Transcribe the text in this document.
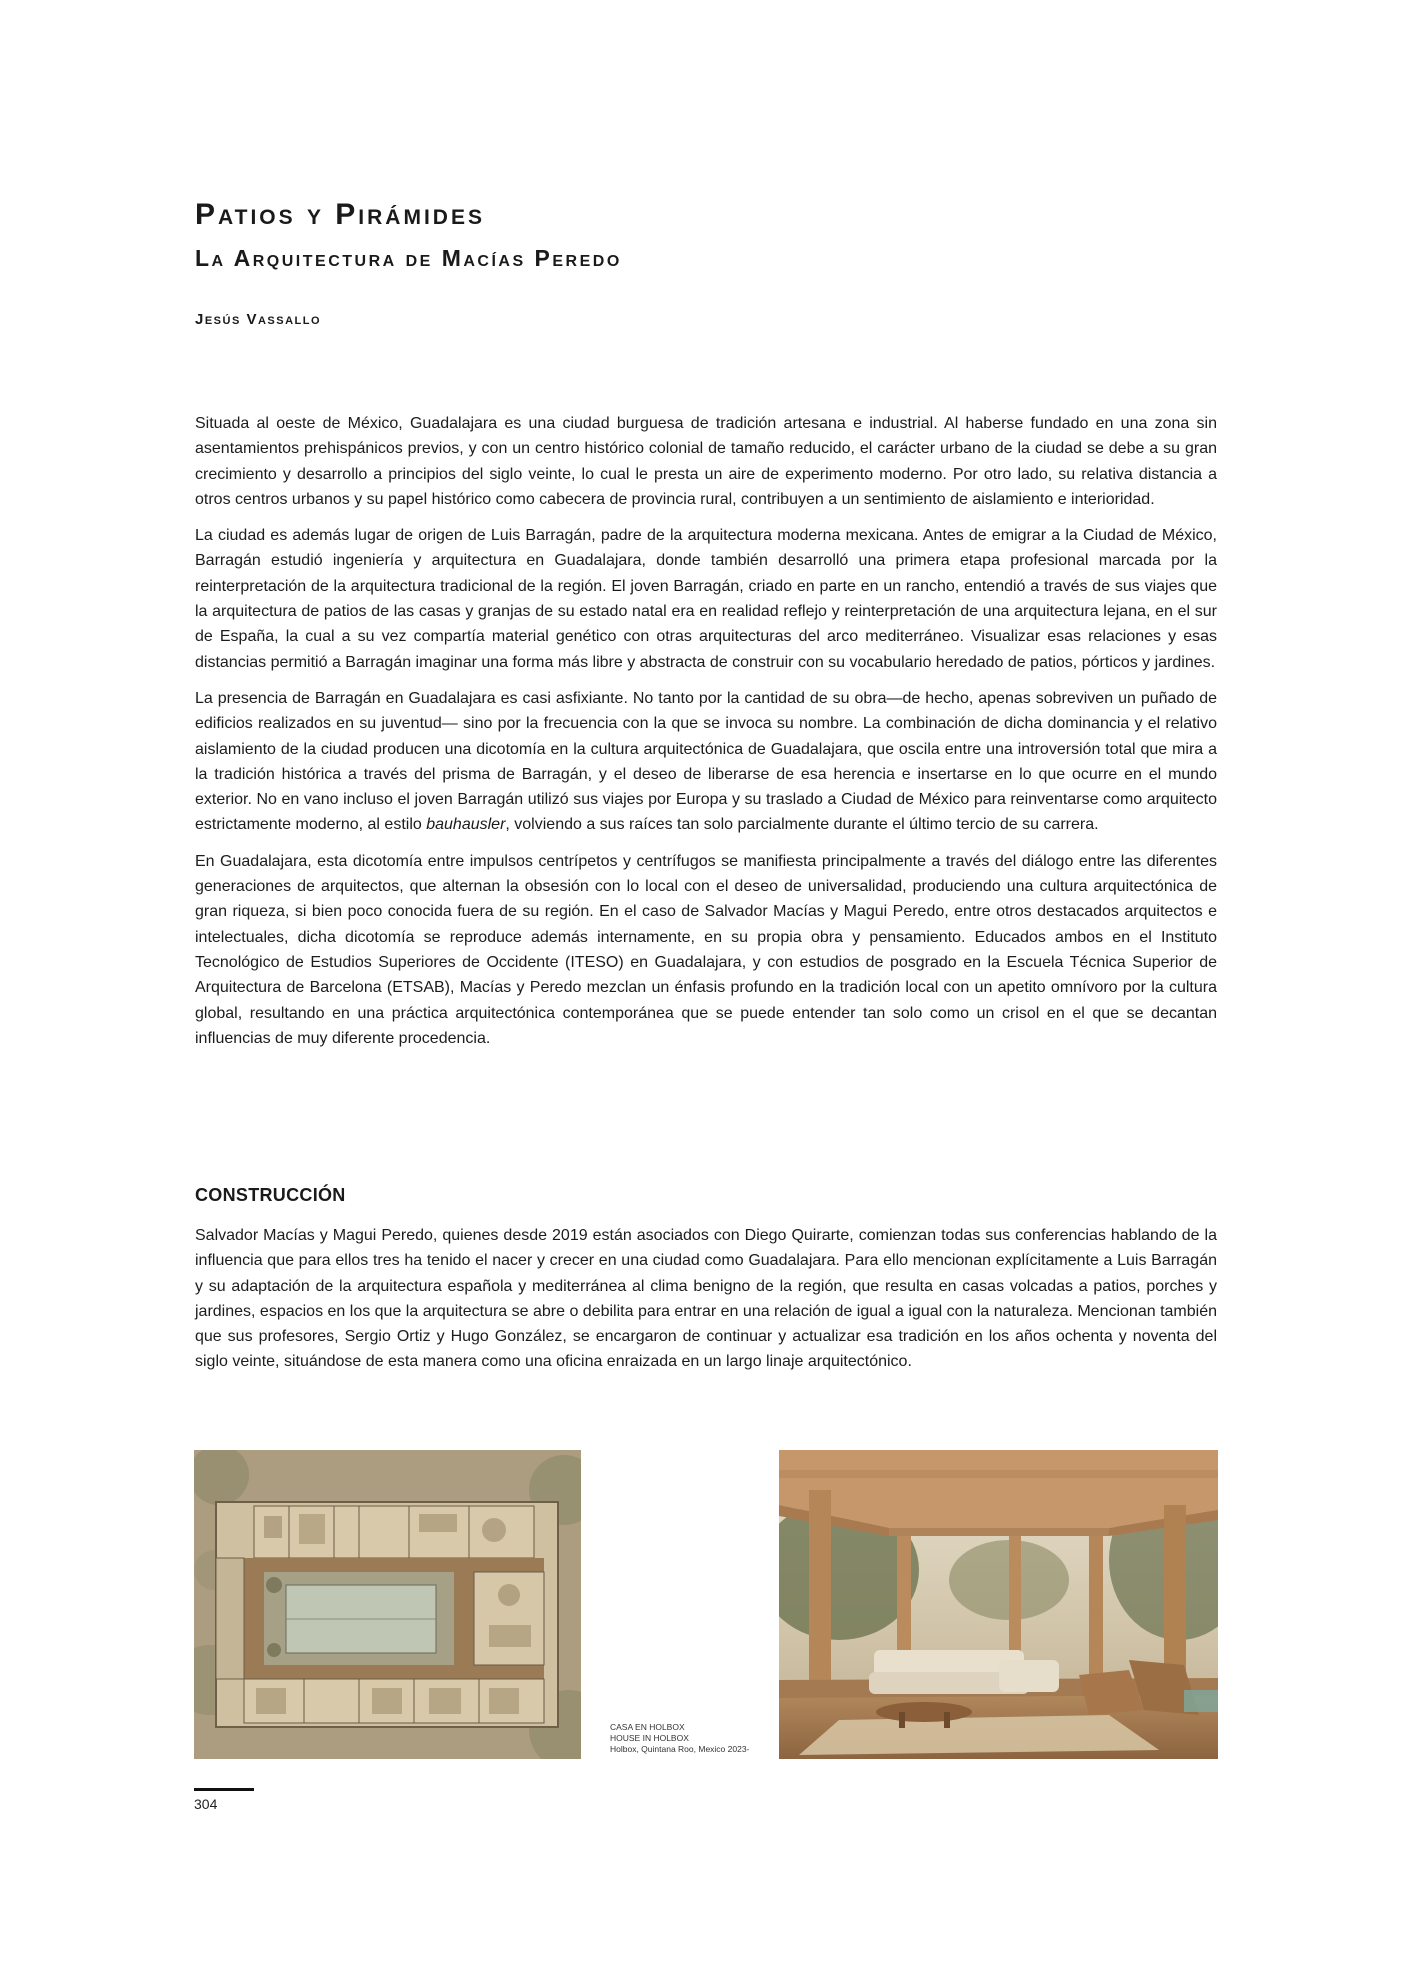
Patios y Pirámides
La Arquitectura de Macías Peredo
Jesús Vassallo

Situada al oeste de México, Guadalajara es una ciudad burguesa de tradición artesana e industrial. Al haberse fundado en una zona sin asentamientos prehispánicos previos, y con un centro histórico colonial de tamaño reducido, el carácter urbano de la ciudad se debe a su gran crecimiento y desarrollo a principios del siglo veinte, lo cual le presta un aire de experimento moderno. Por otro lado, su relativa distancia a otros centros urbanos y su papel histórico como cabecera de provincia rural, contribuyen a un sentimiento de aislamiento e interioridad.

La ciudad es además lugar de origen de Luis Barragán, padre de la arquitectura moderna mexicana. Antes de emigrar a la Ciudad de México, Barragán estudió ingeniería y arquitectura en Guadalajara, donde también desarrolló una primera etapa profesional marcada por la reinterpretación de la arquitectura tradicional de la región. El joven Barragán, criado en parte en un rancho, entendió a través de sus viajes que la arquitectura de patios de las casas y granjas de su estado natal era en realidad reflejo y reinterpretación de una arquitectura lejana, en el sur de España, la cual a su vez compartía material genético con otras arquitecturas del arco mediterráneo. Visualizar esas relaciones y esas distancias permitió a Barragán imaginar una forma más libre y abstracta de construir con su vocabulario heredado de patios, pórticos y jardines.

La presencia de Barragán en Guadalajara es casi asfixiante. No tanto por la cantidad de su obra—de hecho, apenas sobreviven un puñado de edificios realizados en su juventud— sino por la frecuencia con la que se invoca su nombre. La combinación de dicha dominancia y el relativo aislamiento de la ciudad producen una dicotomía en la cultura arquitectónica de Guadalajara, que oscila entre una introversión total que mira a la tradición histórica a través del prisma de Barragán, y el deseo de liberarse de esa herencia e insertarse en lo que ocurre en el mundo exterior. No en vano incluso el joven Barragán utilizó sus viajes por Europa y su traslado a Ciudad de México para reinventarse como arquitecto estrictamente moderno, al estilo bauhausler, volviendo a sus raíces tan solo parcialmente durante el último tercio de su carrera.

En Guadalajara, esta dicotomía entre impulsos centrípetos y centrífugos se manifiesta principalmente a través del diálogo entre las diferentes generaciones de arquitectos, que alternan la obsesión con lo local con el deseo de universalidad, produciendo una cultura arquitectónica de gran riqueza, si bien poco conocida fuera de su región. En el caso de Salvador Macías y Magui Peredo, entre otros destacados arquitectos e intelectuales, dicha dicotomía se reproduce además internamente, en su propia obra y pensamiento. Educados ambos en el Instituto Tecnológico de Estudios Superiores de Occidente (ITESO) en Guadalajara, y con estudios de posgrado en la Escuela Técnica Superior de Arquitectura de Barcelona (ETSAB), Macías y Peredo mezclan un énfasis profundo en la tradición local con un apetito omnívoro por la cultura global, resultando en una práctica arquitectónica contemporánea que se puede entender tan solo como un crisol en el que se decantan influencias de muy diferente procedencia.

CONSTRUCCIÓN

Salvador Macías y Magui Peredo, quienes desde 2019 están asociados con Diego Quirarte, comienzan todas sus conferencias hablando de la influencia que para ellos tres ha tenido el nacer y crecer en una ciudad como Guadalajara. Para ello mencionan explícitamente a Luis Barragán y su adaptación de la arquitectura española y mediterránea al clima benigno de la región, que resulta en casas volcadas a patios, porches y jardines, espacios en los que la arquitectura se abre o debilita para entrar en una relación de igual a igual con la naturaleza. Mencionan también que sus profesores, Sergio Ortiz y Hugo González, se encargaron de continuar y actualizar esa tradición en los años ochenta y noventa del siglo veinte, situándose de esta manera como una oficina enraizada en un largo linaje arquitectónico.

CASA EN HOLBOX
HOUSE IN HOLBOX
Holbox, Quintana Roo, Mexico 2023-
304
